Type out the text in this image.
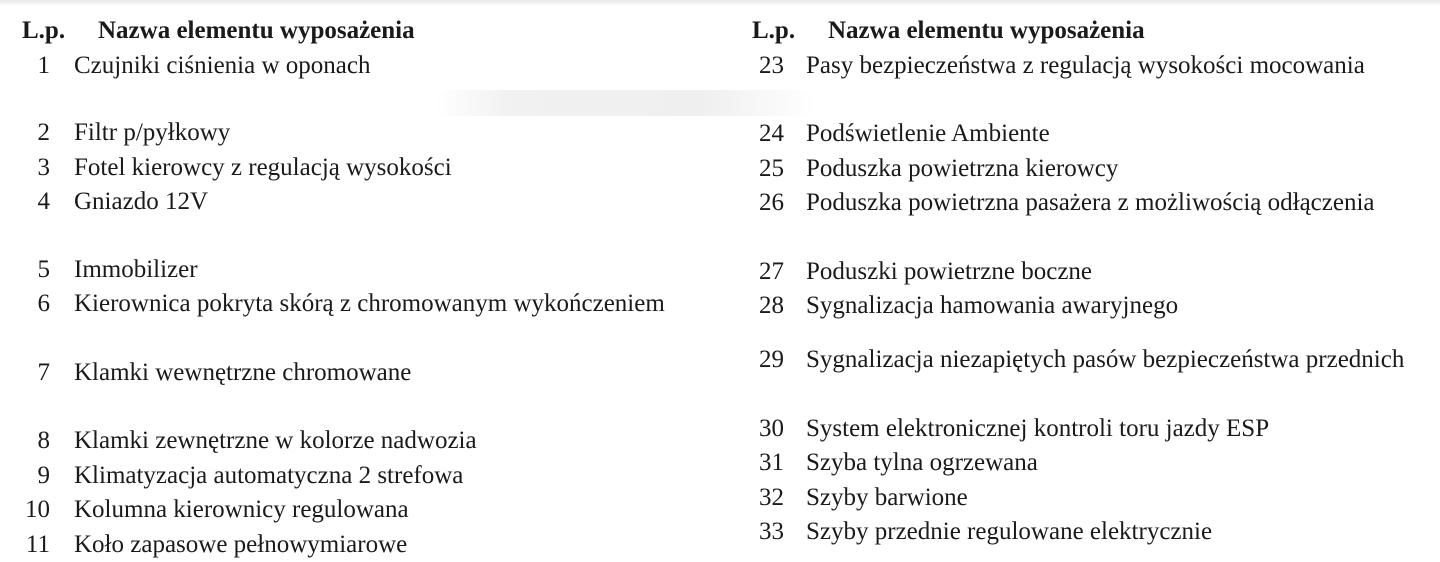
L.p.	Nazwa elementu wyposażenia
1 Czujniki ciśnienia w oponach
2 Filtr p/pyłkowy
3 Fotel kierowcy z regulacją wysokości
4 Gniazdo 12V
5 Immobilizer
6 Kierownica pokryta skórą z chromowanym wykończeniem
7 Klamki wewnętrzne chromowane
8 Klamki zewnętrzne w kolorze nadwozia
9 Klimatyzacja automatyczna 2 strefowa
10 Kolumna kierownicy regulowana
11 Koło zapasowe pełnowymiarowe
L.p.	Nazwa elementu wyposażenia
23 Pasy bezpieczeństwa z regulacją wysokości mocowania
24 Podświetlenie Ambiente
25 Poduszka powietrzna kierowcy
26 Poduszka powietrzna pasażera z możliwością odłączenia
27 Poduszki powietrzne boczne
28 Sygnalizacja hamowania awaryjnego
29 Sygnalizacja niezapiętych pasów bezpieczeństwa przednich
30 System elektronicznej kontroli toru jazdy ESP
31 Szyba tylna ogrzewana
32 Szyby barwione
33 Szyby przednie regulowane elektrycznie
